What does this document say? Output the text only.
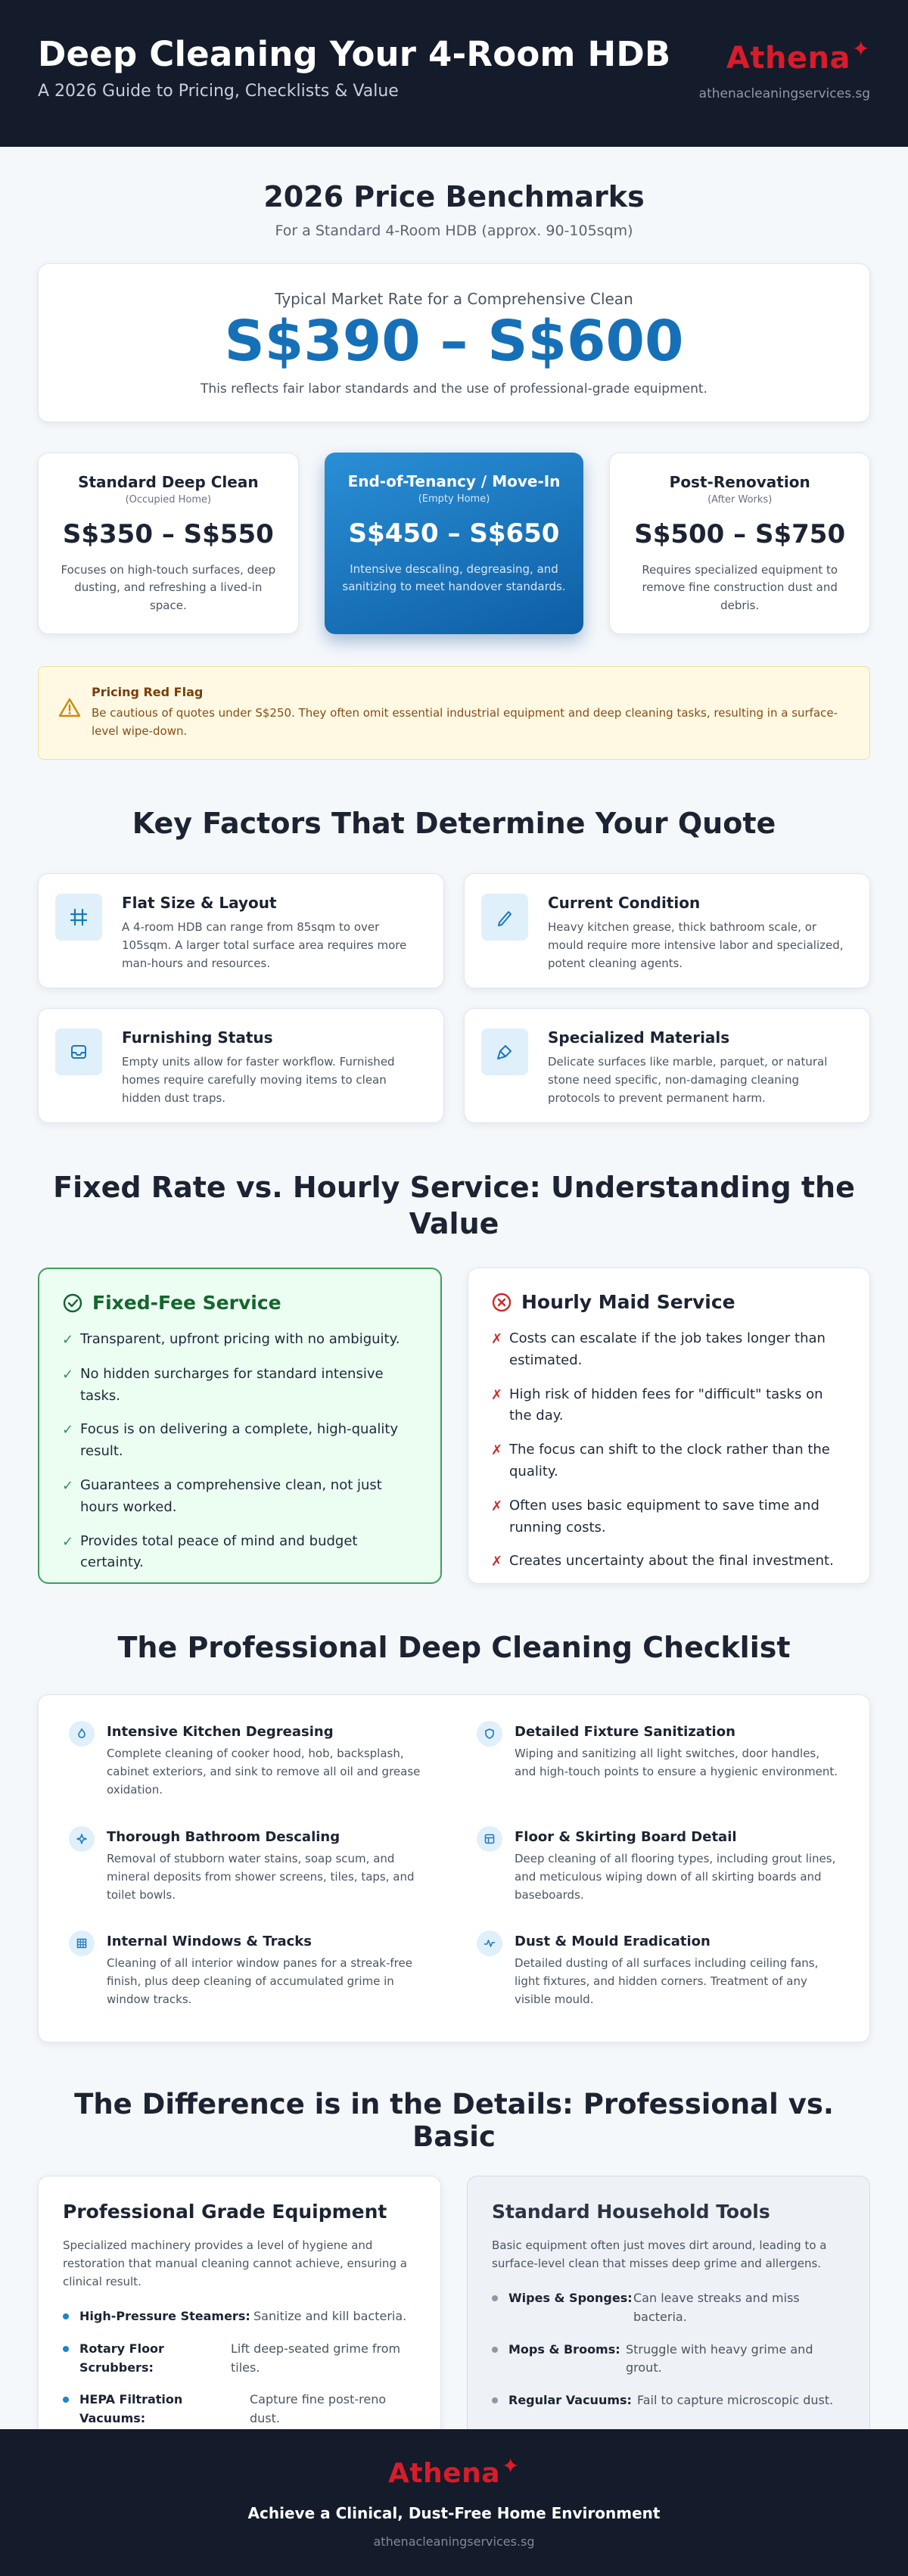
Deep Cleaning Your 4-Room HDB
A 2026 Guide to Pricing, Checklists & Value
Athena ✦
athenacleaningservices.sg
2026 Price Benchmarks
For a Standard 4-Room HDB (approx. 90-105sqm)
Typical Market Rate for a Comprehensive Clean
S$390 – S$600
This reflects fair labor standards and the use of professional-grade equipment.
Standard Deep Clean
(Occupied Home)
S$350 – S$550
Focuses on high-touch surfaces, deep dusting, and refreshing a lived-in space.
End-of-Tenancy / Move-In
(Empty Home)
S$450 – S$650
Intensive descaling, degreasing, and sanitizing to meet handover standards.
Post-Renovation
(After Works)
S$500 – S$750
Requires specialized equipment to remove fine construction dust and debris.
Pricing Red Flag
Be cautious of quotes under S$250. They often omit essential industrial equipment and deep cleaning tasks, resulting in a surface-level wipe-down.
Key Factors That Determine Your Quote
Flat Size & Layout
A 4-room HDB can range from 85sqm to over 105sqm. A larger total surface area requires more man-hours and resources.
Current Condition
Heavy kitchen grease, thick bathroom scale, or mould require more intensive labor and specialized, potent cleaning agents.
Furnishing Status
Empty units allow for faster workflow. Furnished homes require carefully moving items to clean hidden dust traps.
Specialized Materials
Delicate surfaces like marble, parquet, or natural stone need specific, non-damaging cleaning protocols to prevent permanent harm.
Fixed Rate vs. Hourly Service: Understanding the Value
Fixed-Fee Service
✓ Transparent, upfront pricing with no ambiguity.
✓ No hidden surcharges for standard intensive tasks.
✓ Focus is on delivering a complete, high-quality result.
✓ Guarantees a comprehensive clean, not just hours worked.
✓ Provides total peace of mind and budget certainty.
Hourly Maid Service
✗ Costs can escalate if the job takes longer than estimated.
✗ High risk of hidden fees for "difficult" tasks on the day.
✗ The focus can shift to the clock rather than the quality.
✗ Often uses basic equipment to save time and running costs.
✗ Creates uncertainty about the final investment.
The Professional Deep Cleaning Checklist
Intensive Kitchen Degreasing
Complete cleaning of cooker hood, hob, backsplash, cabinet exteriors, and sink to remove all oil and grease oxidation.
Detailed Fixture Sanitization
Wiping and sanitizing all light switches, door handles, and high-touch points to ensure a hygienic environment.
Thorough Bathroom Descaling
Removal of stubborn water stains, soap scum, and mineral deposits from shower screens, tiles, taps, and toilet bowls.
Floor & Skirting Board Detail
Deep cleaning of all flooring types, including grout lines, and meticulous wiping down of all skirting boards and baseboards.
Internal Windows & Tracks
Cleaning of all interior window panes for a streak-free finish, plus deep cleaning of accumulated grime in window tracks.
Dust & Mould Eradication
Detailed dusting of all surfaces including ceiling fans, light fixtures, and hidden corners. Treatment of any visible mould.
The Difference is in the Details: Professional vs. Basic
Professional Grade Equipment
Specialized machinery provides a level of hygiene and restoration that manual cleaning cannot achieve, ensuring a clinical result.
High-Pressure Steamers: Sanitize and kill bacteria.
Rotary Floor Scrubbers:
Lift deep-seated grime from tiles.
HEPA Filtration Vacuums:
Capture fine post-reno dust.
Standard Household Tools
Basic equipment often just moves dirt around, leading to a surface-level clean that misses deep grime and allergens.
Wipes & Sponges: Can leave streaks and miss bacteria.
Mops & Brooms: Struggle with heavy grime and grout.
Regular Vacuums: Fail to capture microscopic dust.
Athena ✦
Achieve a Clinical, Dust-Free Home Environment
athenacleaningservices.sg
